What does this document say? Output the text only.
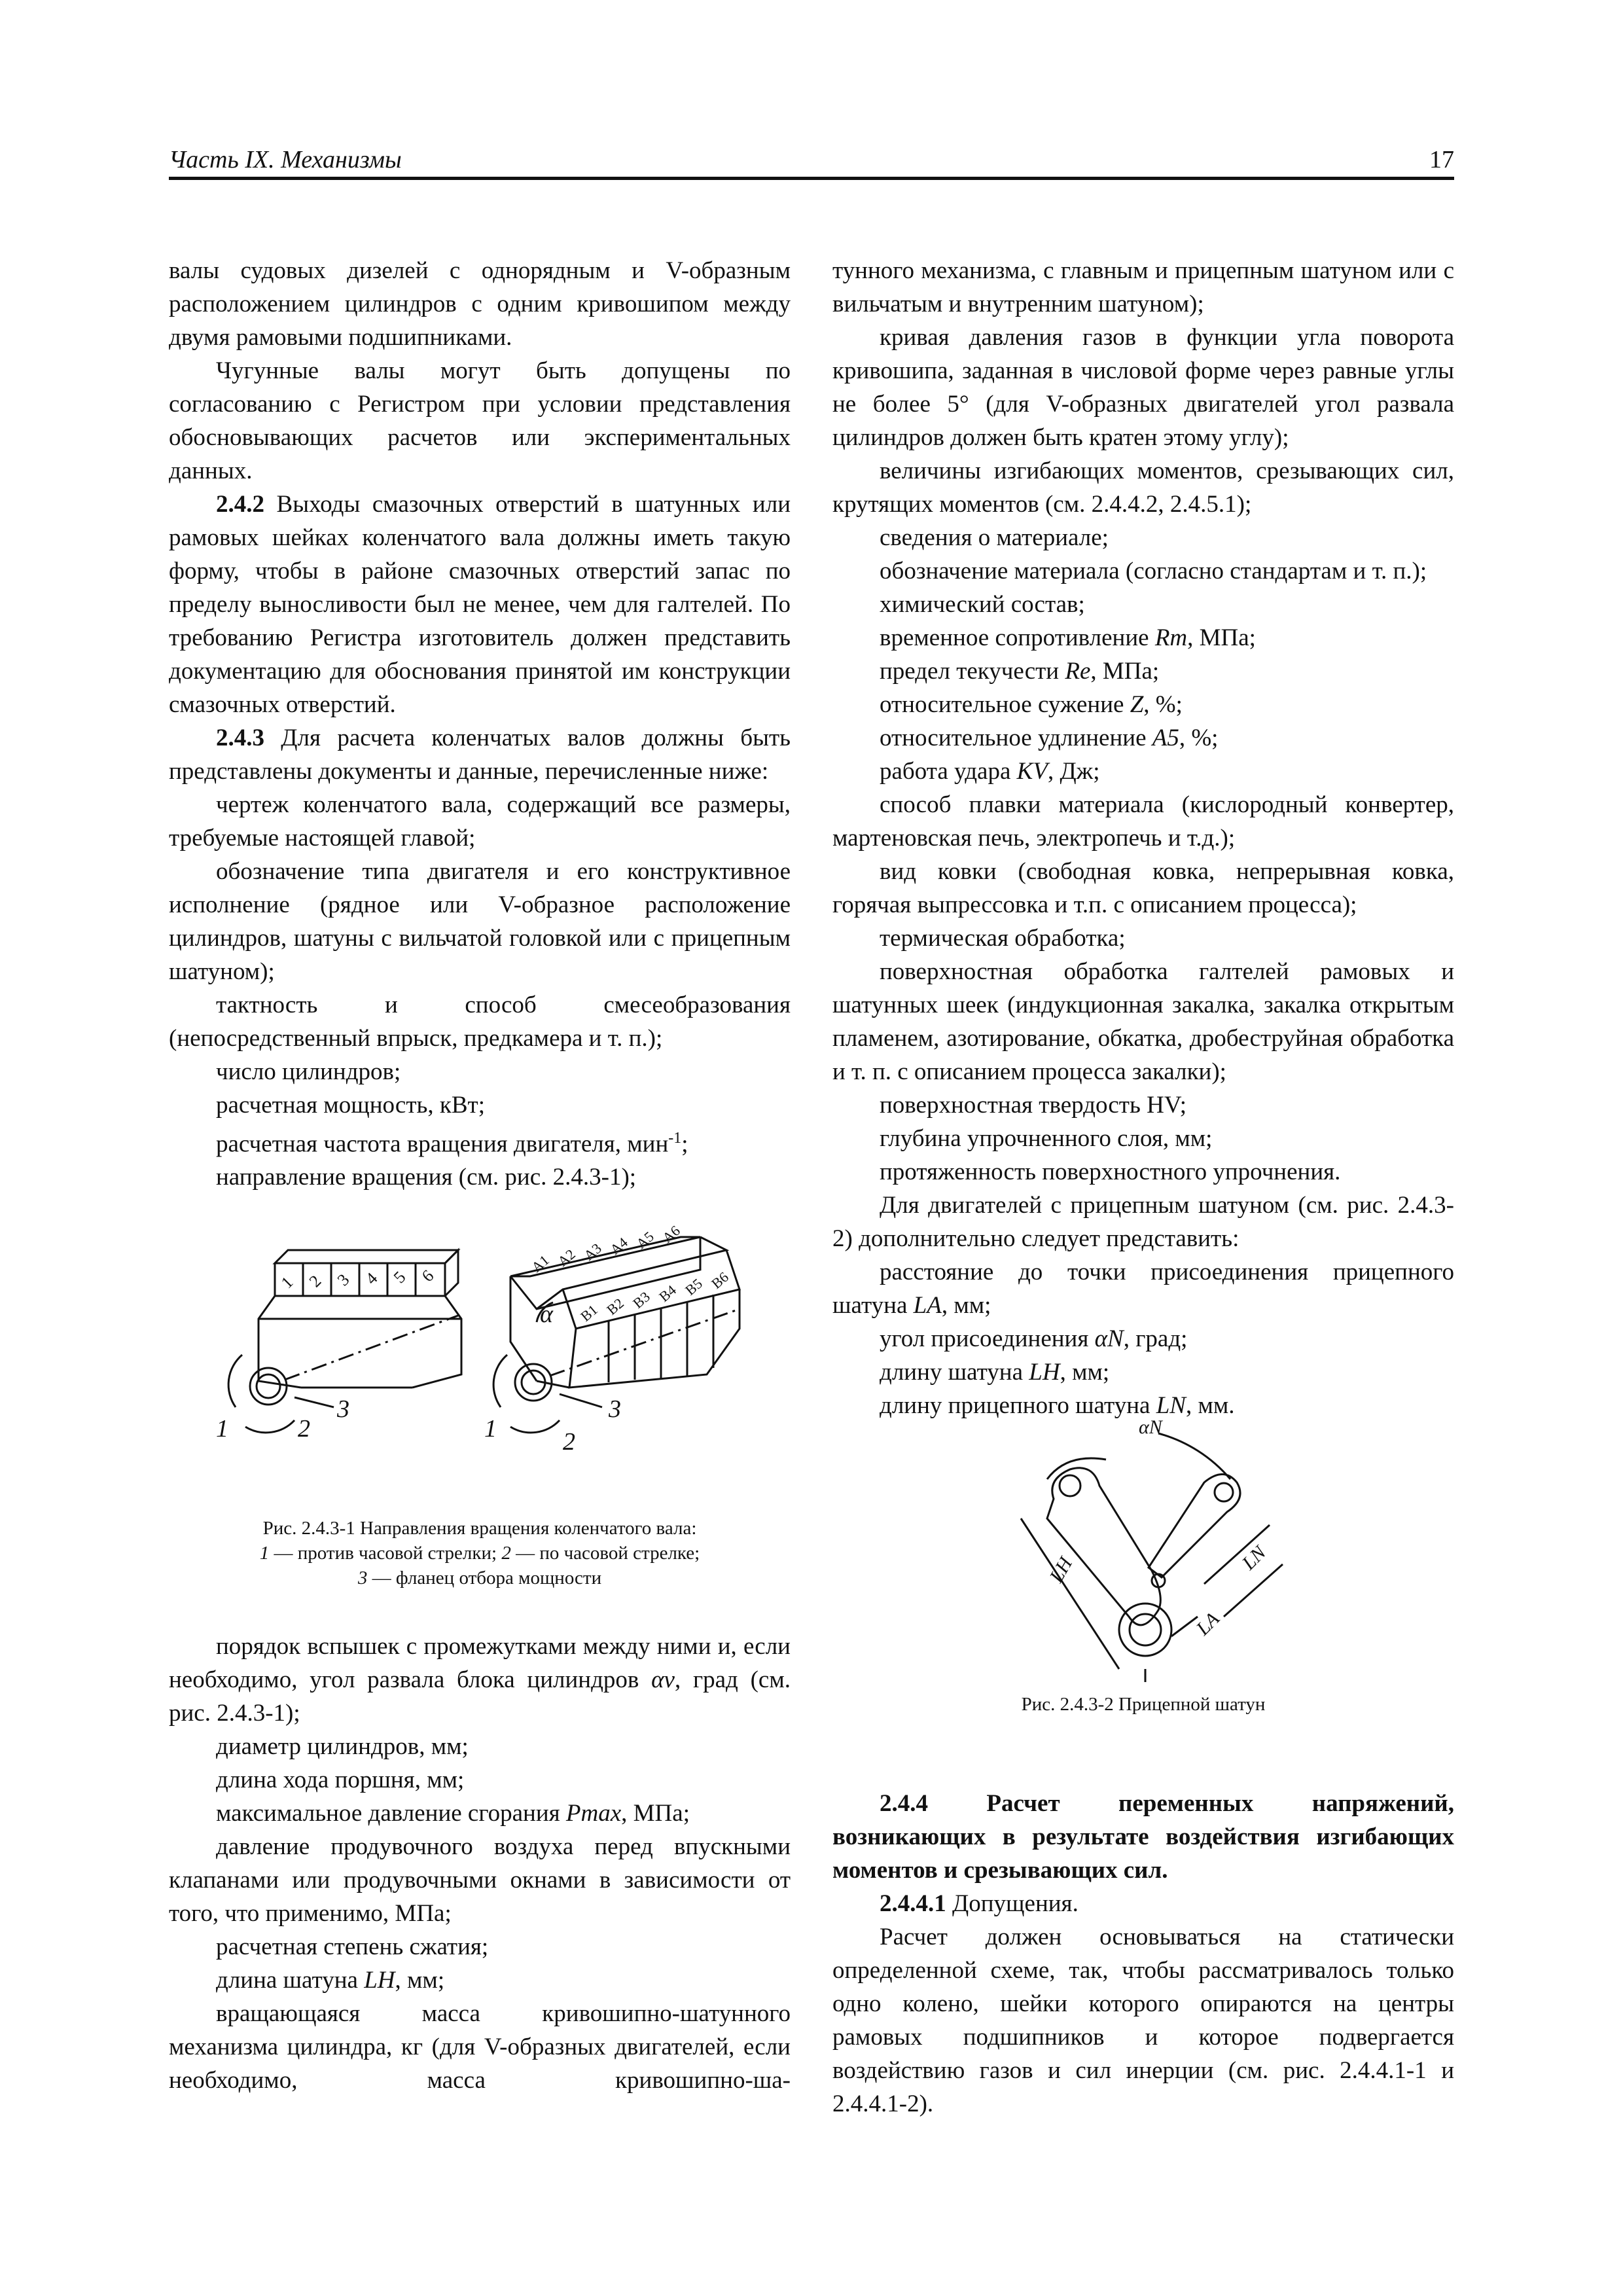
Часть IX. Механизмы	17

валы судовых дизелей с однорядным и V-образным расположением цилиндров с одним кривошипом между двумя рамовыми подшипниками.

Чугунные валы могут быть допущены по согласованию с Регистром при условии представления обосновывающих расчетов или экспериментальных данных.

2.4.2 Выходы смазочных отверстий в шатунных или рамовых шейках коленчатого вала должны иметь такую форму, чтобы в районе смазочных отверстий запас по пределу выносливости был не менее, чем для галтелей. По требованию Регистра изготовитель должен представить документацию для обоснования принятой им конструкции смазочных отверстий.

2.4.3 Для расчета коленчатых валов должны быть представлены документы и данные, перечисленные ниже:

чертеж коленчатого вала, содержащий все размеры, требуемые настоящей главой;

обозначение типа двигателя и его конструктивное исполнение (рядное или V-образное расположение цилиндров, шатуны с вильчатой головкой или с прицепным шатуном);

тактность и способ смесеобразования (непосредственный впрыск, предкамера и т. п.);

число цилиндров;

расчетная мощность, кВт;

расчетная частота вращения двигателя, мин$^{-1}$;

направление вращения (см. рис. 2.4.3-1);

1 2 3 4 5 6
1	2
3
A1 A2 A3 A4 A5 A6
B1 B2 B3 B4 B5 B6
α
1	2
3

Рис. 2.4.3-1 Направления вращения коленчатого вала:

1 — против часовой стрелки; 2 — по часовой стрелке;

3 — фланец отбора мощности

порядок вспышек с промежутками между ними и, если необходимо, угол развала блока цилиндров αv, град (см. рис. 2.4.3-1);

диаметр цилиндров, мм;

длина хода поршня, мм;

максимальное давление сгорания Pmax, МПа;

давление продувочного воздуха перед впускными клапанами или продувочными окнами в зависимости от того, что применимо, МПа;

расчетная степень сжатия;

длина шатуна LH, мм;

вращающаяся масса кривошипно-шатунного механизма цилиндра, кг (для V-образных двигателей, если необходимо, масса кривошипно-ша-

тунного механизма, с главным и прицепным шатуном или с вильчатым и внутренним шатуном);

кривая давления газов в функции угла поворота кривошипа, заданная в числовой форме через равные углы не более 5° (для V-образных двигателей угол развала цилиндров должен быть кратен этому углу);

величины изгибающих моментов, срезывающих сил, крутящих моментов (см. 2.4.4.2, 2.4.5.1);

сведения о материале;

обозначение материала (согласно стандартам и т. п.);

химический состав;

временное сопротивление Rm, МПа;

предел текучести Re, МПа;

относительное сужение Z, %;

относительное удлинение A5, %;

работа удара KV, Дж;

способ плавки материала (кислородный конвертер, мартеновская печь, электропечь и т.д.);

вид ковки (свободная ковка, непрерывная ковка, горячая выпрессовка и т.п. с описанием процесса);

термическая обработка;

поверхностная обработка галтелей рамовых и шатунных шеек (индукционная закалка, закалка открытым пламенем, азотирование, обкатка, дробеструйная обработка и т. п. с описанием процесса закалки);

поверхностная твердость HV;

глубина упрочненного слоя, мм;

протяженность поверхностного упрочнения.

Для двигателей с прицепным шатуном (см. рис. 2.4.3-2) дополнительно следует представить:

расстояние до точки присоединения прицепного шатуна LA, мм;

угол присоединения αN, град;

длину шатуна LH, мм;

длину прицепного шатуна LN, мм.

αN
LH	LN
LA

Рис. 2.4.3-2 Прицепной шатун

2.4.4 Расчет переменных напряжений, возникающих в результате воздействия изгибающих моментов и срезывающих сил.

2.4.4.1 Допущения.

Расчет должен основываться на статически определенной схеме, так, чтобы рассматривалось только одно колено, шейки которого опираются на центры рамовых подшипников и которое подвергается воздействию газов и сил инерции (см. рис. 2.4.4.1-1 и 2.4.4.1-2).
